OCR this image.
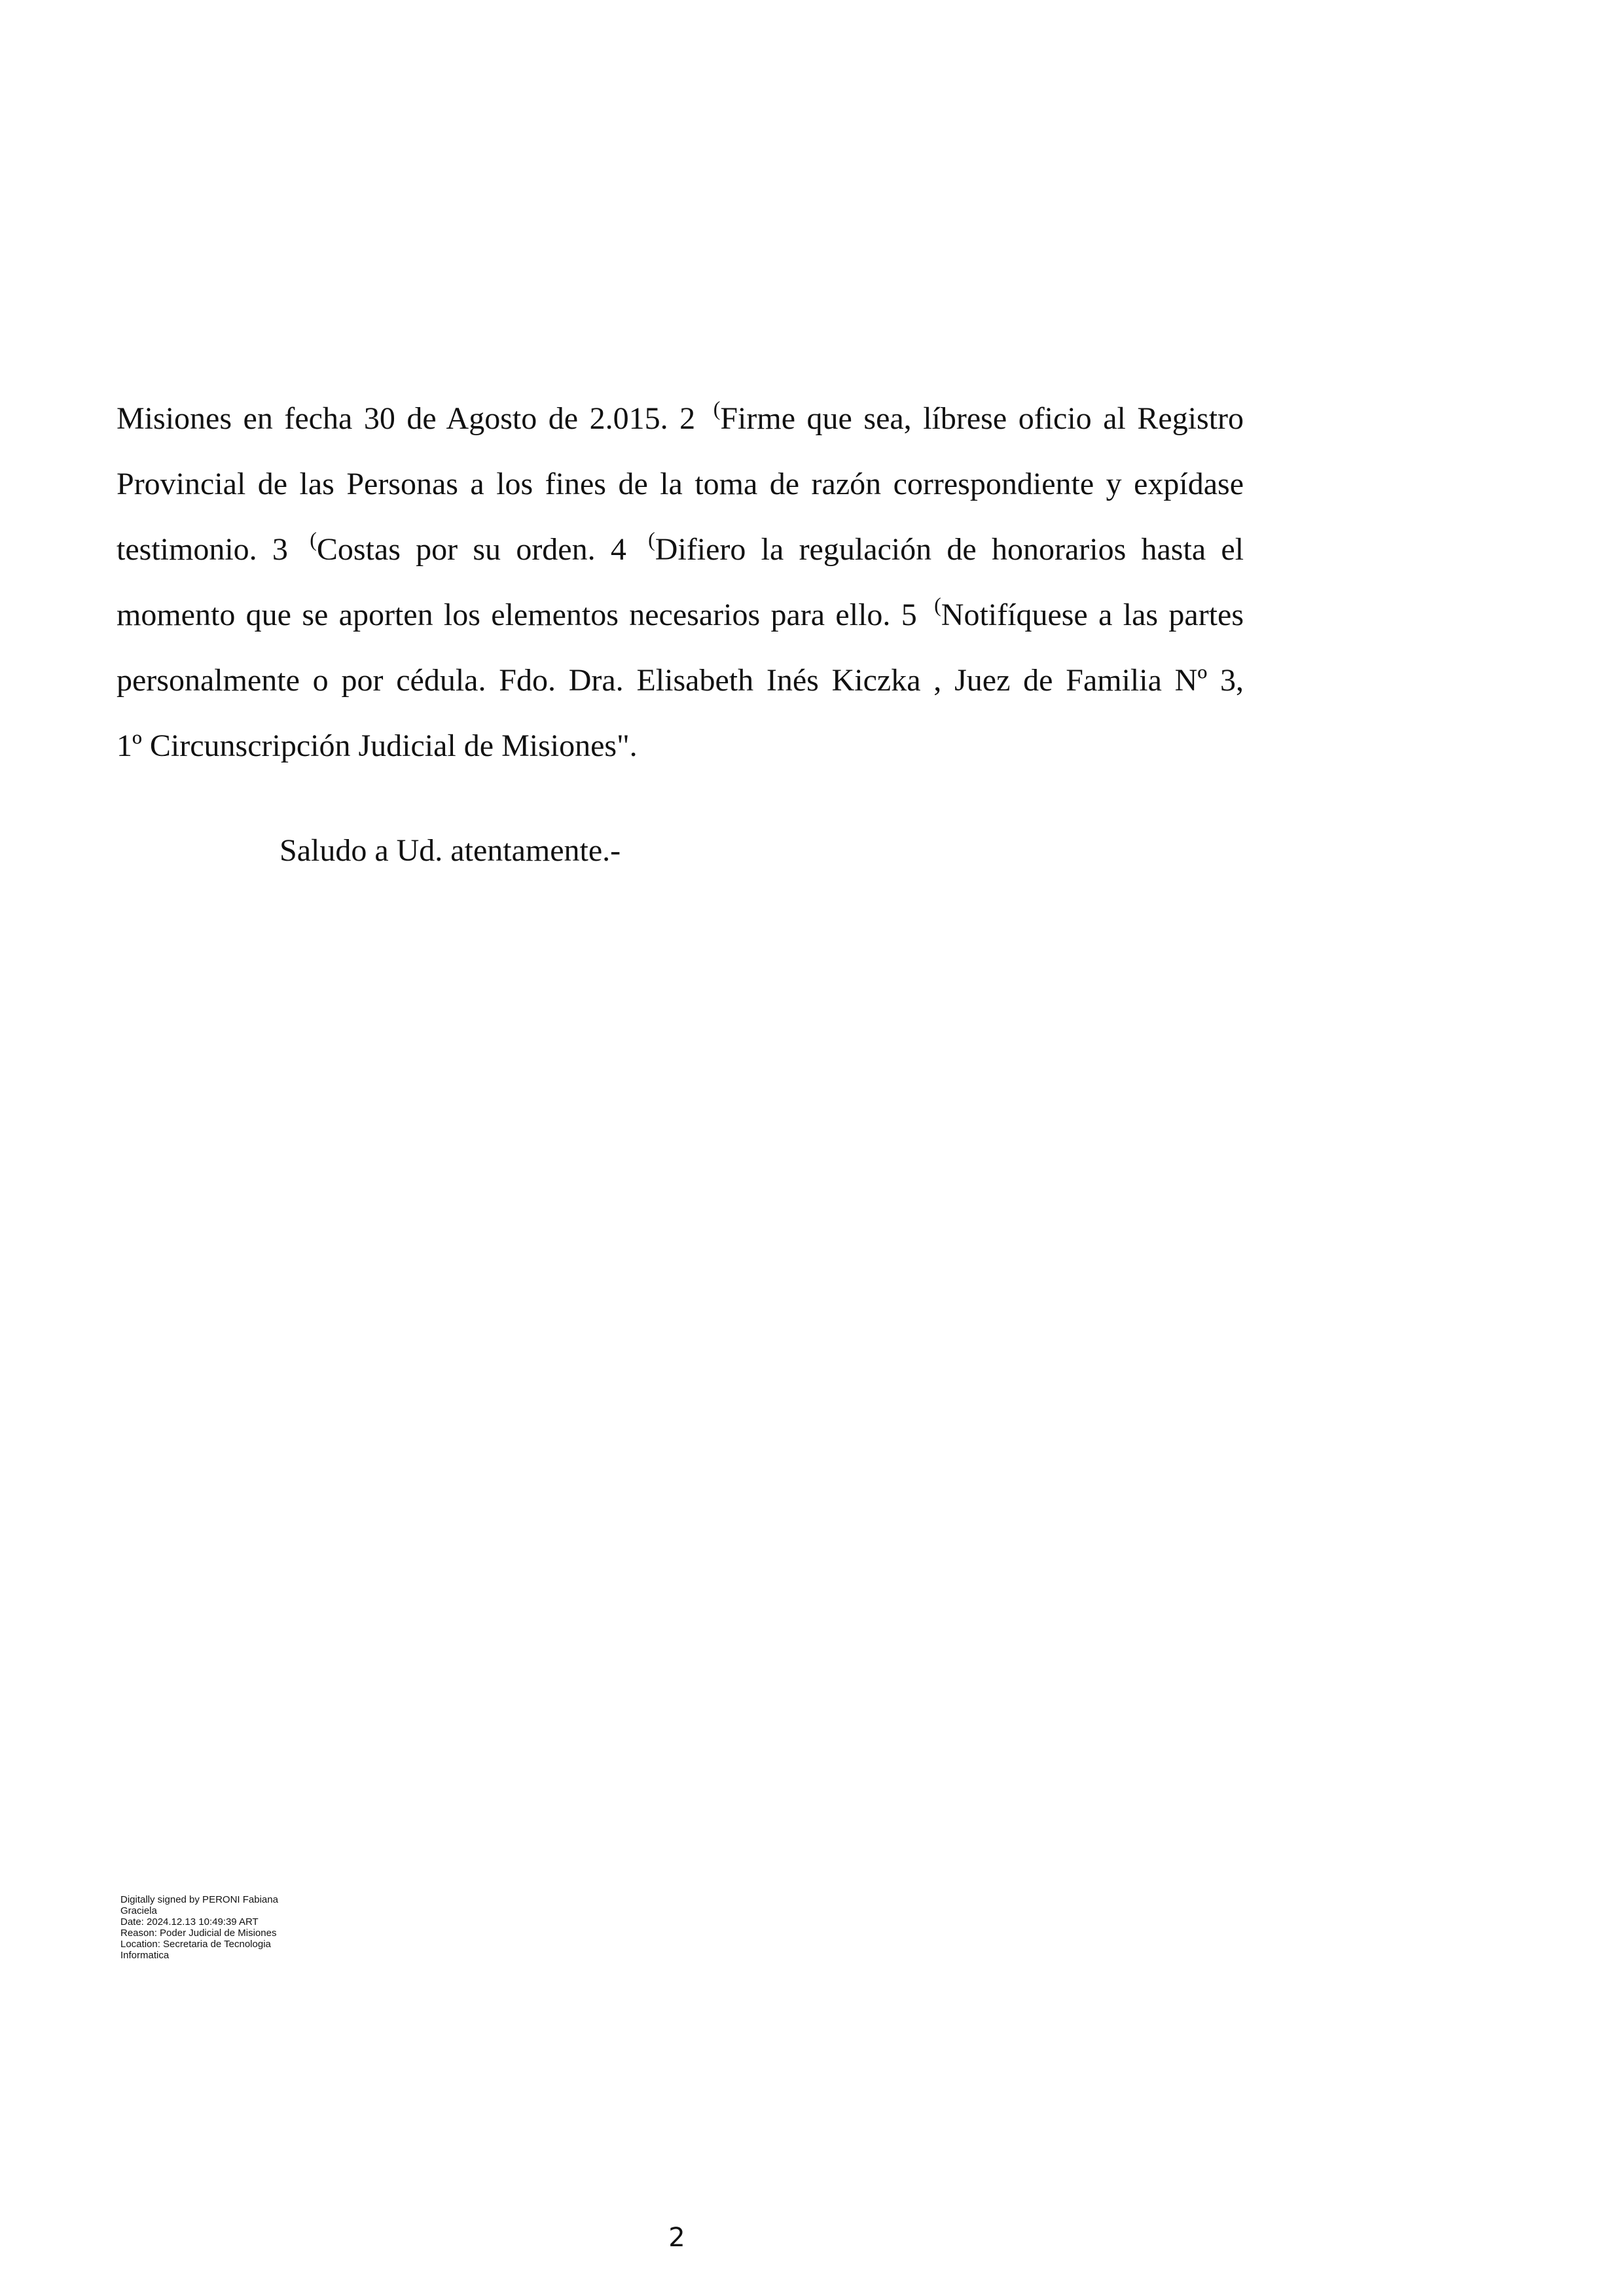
Misiones en fecha 30 de Agosto de 2.015. 2 (Firme que sea, líbrese oficio al Registro
Provincial de las Personas a los fines de la toma de razón correspondiente y expídase
testimonio. 3 (Costas por su orden. 4 (Difiero la regulación de honorarios hasta el
momento que se aporten los elementos necesarios para ello. 5 (Notifíquese a las partes
personalmente o por cédula. Fdo. Dra. Elisabeth Inés Kiczka , Juez de Familia Nº 3,
1º Circunscripción Judicial de Misiones".
Saludo a Ud. atentamente.-
Digitally signed by PERONI Fabiana
Graciela
Date: 2024.12.13 10:49:39 ART
Reason: Poder Judicial de Misiones
Location: Secretaria de Tecnologia
Informatica
2
